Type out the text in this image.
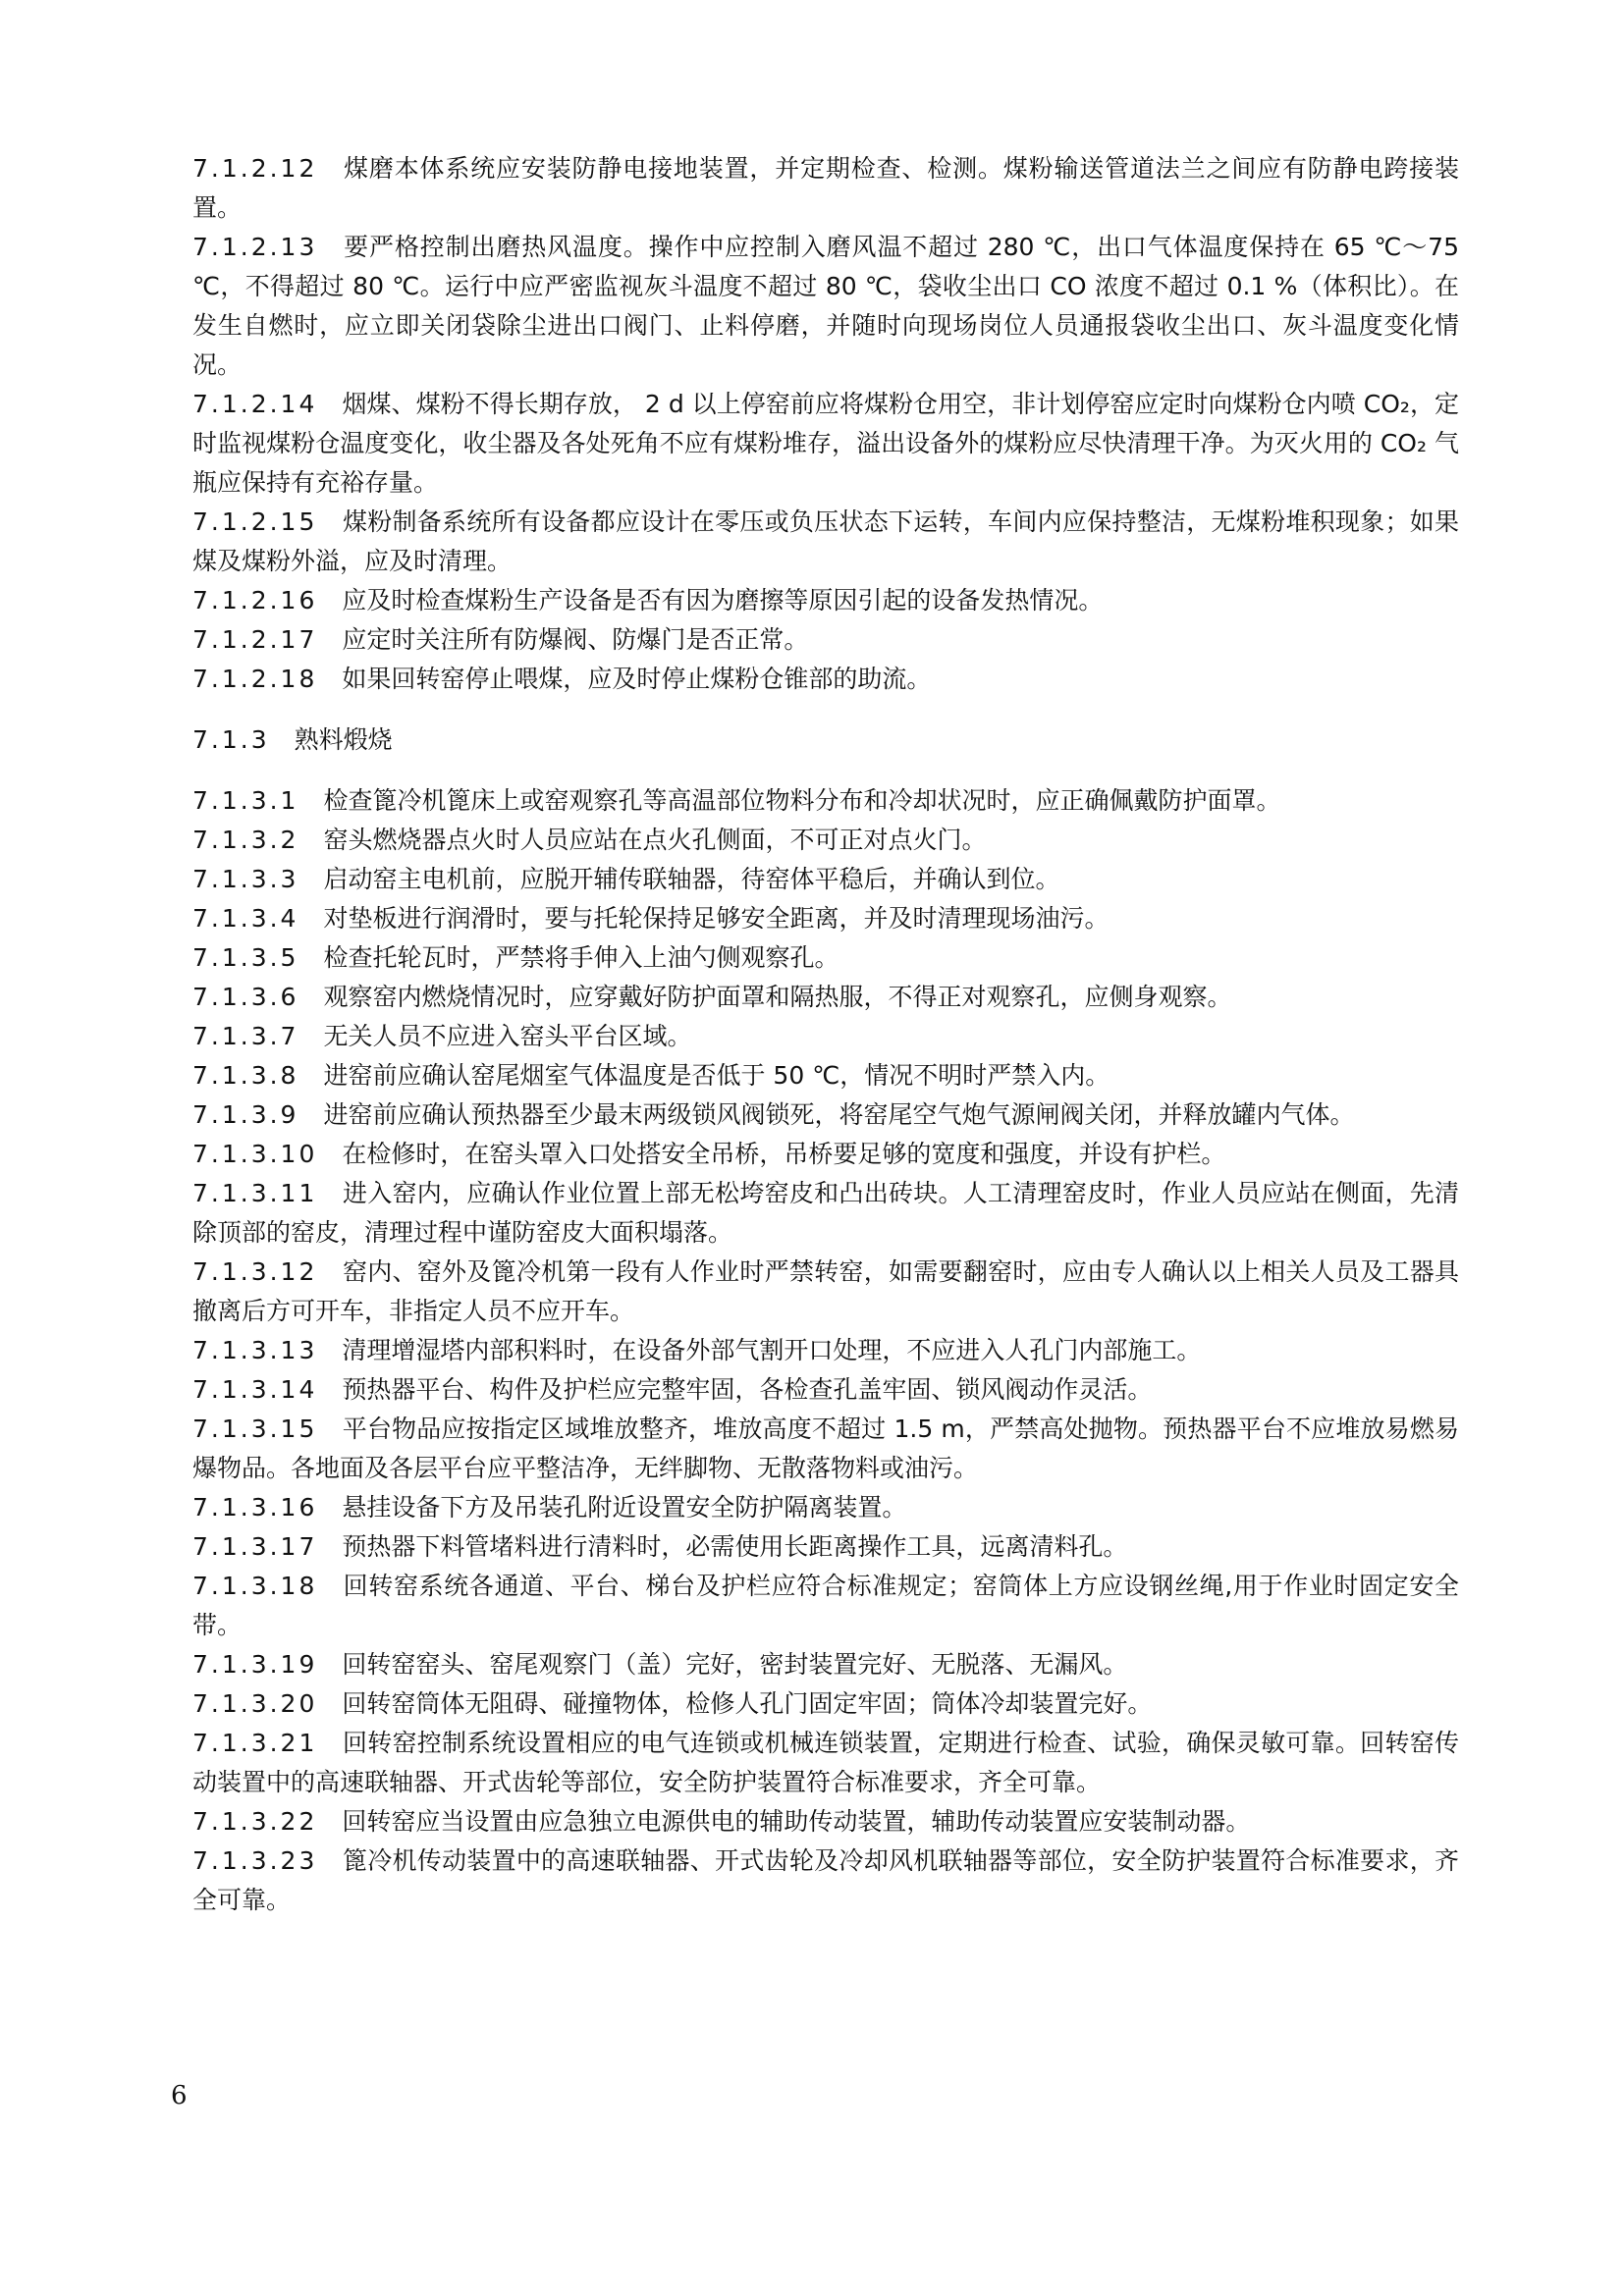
7.1.2.12　 煤磨本体系统应安装防静电接地装置，并定期检查、检测。煤粉输送管道法兰之间应有防静电跨接装置。

7.1.2.13　 要严格控制出磨热风温度。操作中应控制入磨风温不超过 280 ℃，出口气体温度保持在 65 ℃～75 ℃，不得超过 80 ℃。运行中应严密监视灰斗温度不超过 80 ℃，袋收尘出口 CO 浓度不超过 0.1 %（体积比）。在发生自燃时，应立即关闭袋除尘进出口阀门、止料停磨，并随时向现场岗位人员通报袋收尘出口、灰斗温度变化情况。

7.1.2.14　 烟煤、煤粉不得长期存放， 2 d 以上停窑前应将煤粉仓用空，非计划停窑应定时向煤粉仓内喷 CO₂，定时监视煤粉仓温度变化，收尘器及各处死角不应有煤粉堆存，溢出设备外的煤粉应尽快清理干净。为灭火用的 CO₂ 气瓶应保持有充裕存量。

7.1.2.15　 煤粉制备系统所有设备都应设计在零压或负压状态下运转，车间内应保持整洁，无煤粉堆积现象；如果煤及煤粉外溢，应及时清理。

7.1.2.16　 应及时检查煤粉生产设备是否有因为磨擦等原因引起的设备发热情况。

7.1.2.17　 应定时关注所有防爆阀、防爆门是否正常。

7.1.2.18　 如果回转窑停止喂煤，应及时停止煤粉仓锥部的助流。

7.1.3　 熟料煅烧

7.1.3.1　 检查篦冷机篦床上或窑观察孔等高温部位物料分布和冷却状况时，应正确佩戴防护面罩。

7.1.3.2　 窑头燃烧器点火时人员应站在点火孔侧面，不可正对点火门。

7.1.3.3　 启动窑主电机前，应脱开辅传联轴器，待窑体平稳后，并确认到位。

7.1.3.4　 对垫板进行润滑时，要与托轮保持足够安全距离，并及时清理现场油污。

7.1.3.5　 检查托轮瓦时，严禁将手伸入上油勺侧观察孔。

7.1.3.6　 观察窑内燃烧情况时，应穿戴好防护面罩和隔热服，不得正对观察孔，应侧身观察。

7.1.3.7　 无关人员不应进入窑头平台区域。

7.1.3.8　 进窑前应确认窑尾烟室气体温度是否低于 50 ℃，情况不明时严禁入内。

7.1.3.9　 进窑前应确认预热器至少最末两级锁风阀锁死，将窑尾空气炮气源闸阀关闭，并释放罐内气体。

7.1.3.10　 在检修时，在窑头罩入口处搭安全吊桥，吊桥要足够的宽度和强度，并设有护栏。

7.1.3.11　 进入窑内，应确认作业位置上部无松垮窑皮和凸出砖块。人工清理窑皮时，作业人员应站在侧面，先清除顶部的窑皮，清理过程中谨防窑皮大面积塌落。

7.1.3.12　 窑内、窑外及篦冷机第一段有人作业时严禁转窑，如需要翻窑时，应由专人确认以上相关人员及工器具撤离后方可开车，非指定人员不应开车。

7.1.3.13　 清理增湿塔内部积料时，在设备外部气割开口处理，不应进入人孔门内部施工。

7.1.3.14　 预热器平台、构件及护栏应完整牢固，各检查孔盖牢固、锁风阀动作灵活。

7.1.3.15　 平台物品应按指定区域堆放整齐，堆放高度不超过 1.5 m，严禁高处抛物。预热器平台不应堆放易燃易爆物品。各地面及各层平台应平整洁净，无绊脚物、无散落物料或油污。

7.1.3.16　 悬挂设备下方及吊装孔附近设置安全防护隔离装置。

7.1.3.17　 预热器下料管堵料进行清料时，必需使用长距离操作工具，远离清料孔。

7.1.3.18　 回转窑系统各通道、平台、梯台及护栏应符合标准规定；窑筒体上方应设钢丝绳,用于作业时固定安全带。

7.1.3.19　 回转窑窑头、窑尾观察门（盖）完好，密封装置完好、无脱落、无漏风。

7.1.3.20　 回转窑筒体无阻碍、碰撞物体，检修人孔门固定牢固；筒体冷却装置完好。

7.1.3.21　 回转窑控制系统设置相应的电气连锁或机械连锁装置，定期进行检查、试验，确保灵敏可靠。回转窑传动装置中的高速联轴器、开式齿轮等部位，安全防护装置符合标准要求，齐全可靠。

7.1.3.22　 回转窑应当设置由应急独立电源供电的辅助传动装置，辅助传动装置应安装制动器。

7.1.3.23　 篦冷机传动装置中的高速联轴器、开式齿轮及冷却风机联轴器等部位，安全防护装置符合标准要求，齐全可靠。

6
